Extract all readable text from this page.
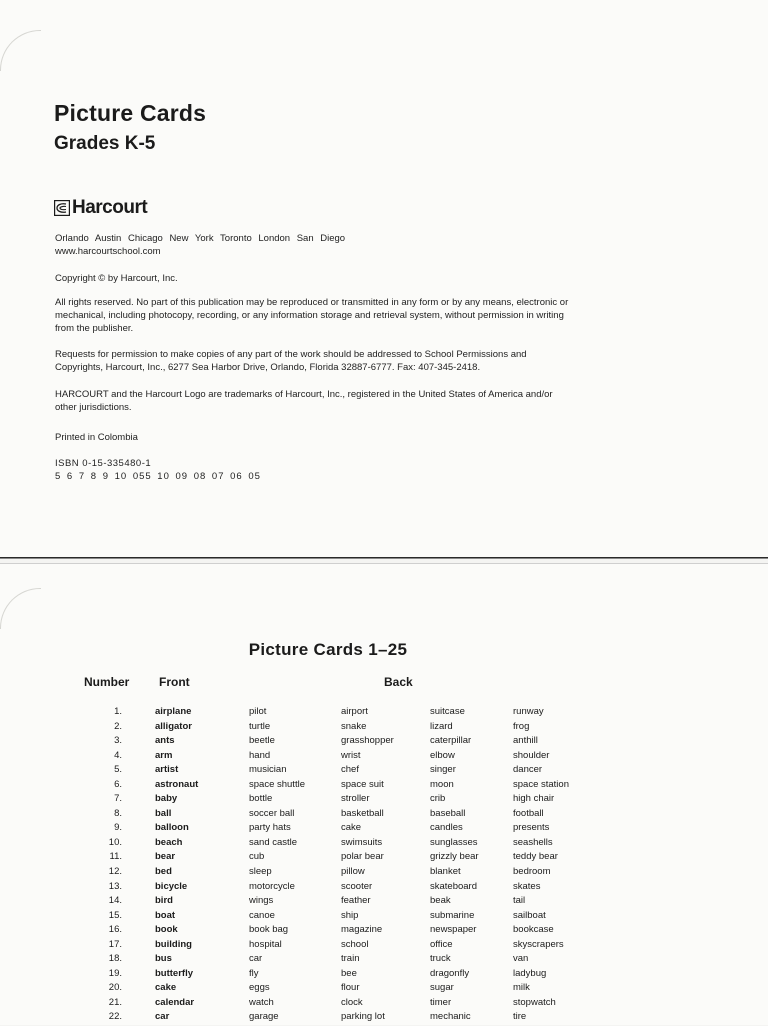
Picture Cards
Grades K-5
Harcourt
Orlando Austin Chicago New York Toronto London San Diego
www.harcourtschool.com
Copyright © by Harcourt, Inc.
All rights reserved. No part of this publication may be reproduced or transmitted in any form or by any means, electronic or mechanical, including photocopy, recording, or any information storage and retrieval system, without permission in writing from the publisher.
Requests for permission to make copies of any part of the work should be addressed to School Permissions and Copyrights, Harcourt, Inc., 6277 Sea Harbor Drive, Orlando, Florida 32887-6777. Fax: 407-345-2418.
HARCOURT and the Harcourt Logo are trademarks of Harcourt, Inc., registered in the United States of America and/or other jurisdictions.
Printed in Colombia
ISBN 0-15-335480-1
5 6 7 8 9 10 055 10 09 08 07 06 05
Picture Cards 1–25
Number Front	Back
1.	airplane	pilot	airport	suitcase	runway
2.	alligator	turtle	snake	lizard	frog
3.	ants	beetle	grasshopper	caterpillar	anthill
4.	arm	hand	wrist	elbow	shoulder
5.	artist	musician	chef	singer	dancer
6.	astronaut	space shuttle	space suit	moon	space station
7.	baby	bottle	stroller	crib	high chair
8.	ball	soccer ball	basketball	baseball	football
9.	balloon	party hats	cake	candles	presents
10.	beach	sand castle	swimsuits	sunglasses	seashells
11.	bear	cub	polar bear	grizzly bear	teddy bear
12.	bed	sleep	pillow	blanket	bedroom
13.	bicycle	motorcycle	scooter	skateboard	skates
14.	bird	wings	feather	beak	tail
15.	boat	canoe	ship	submarine	sailboat
16.	book	book bag	magazine	newspaper	bookcase
17.	building	hospital	school	office	skyscrapers
18.	bus	car	train	truck	van
19.	butterfly	fly	bee	dragonfly	ladybug
20.	cake	eggs	flour	sugar	milk
21.	calendar	watch	clock	timer	stopwatch
22.	car	garage	parking lot	mechanic	tire
